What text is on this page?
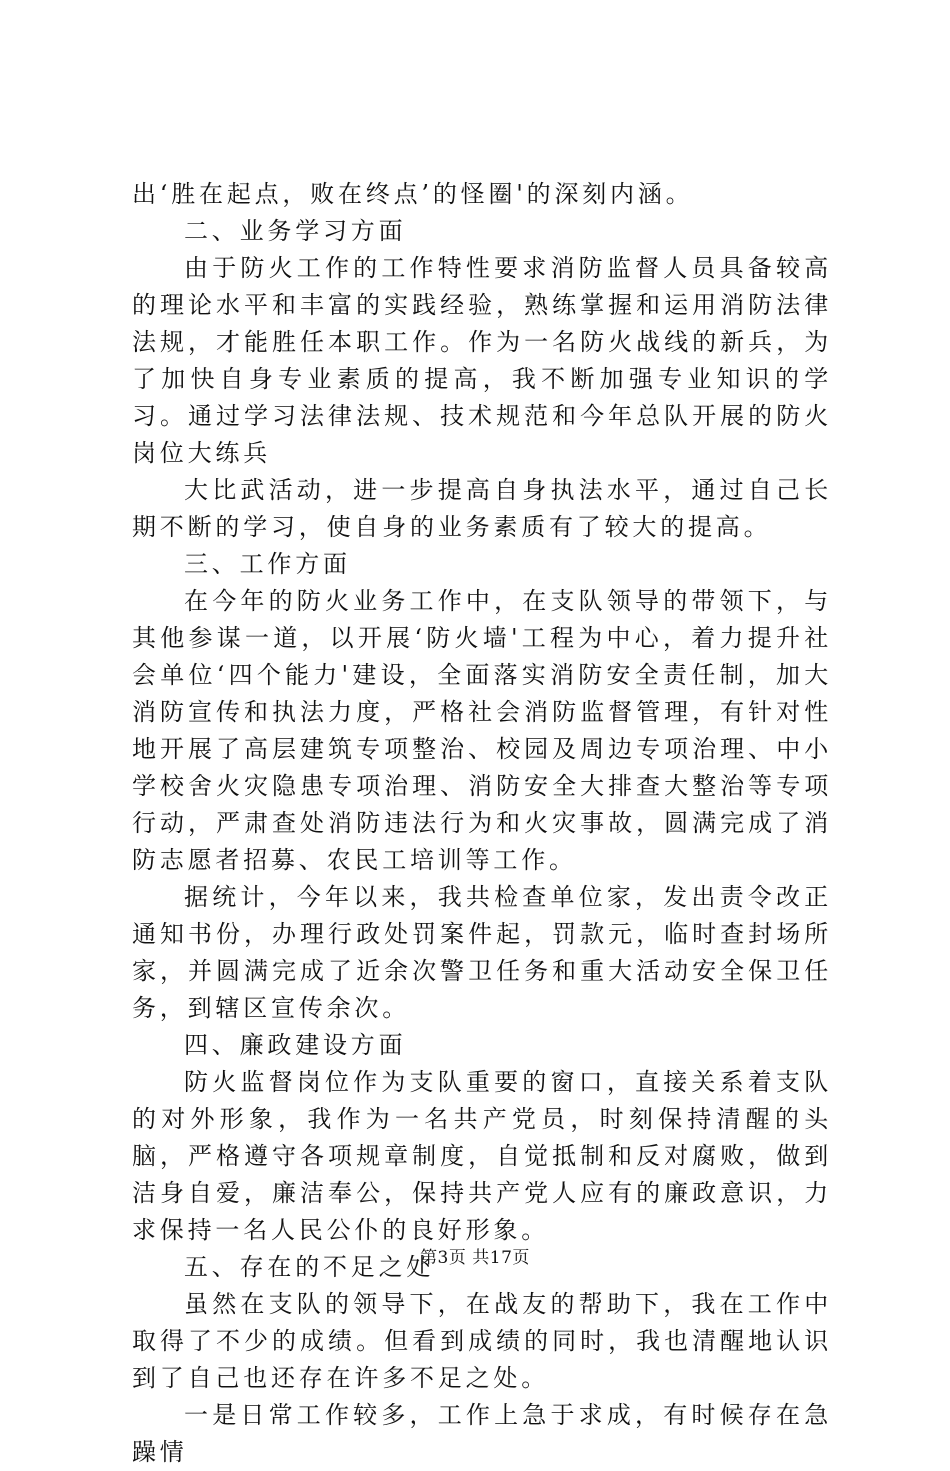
出‘胜在起点，败在终点’的怪圈'的深刻内涵。

二、业务学习方面

由于防火工作的工作特性要求消防监督人员具备较高的理论水平和丰富的实践经验，熟练掌握和运用消防法律法规，才能胜任本职工作。作为一名防火战线的新兵，为了加快自身专业素质的提高，我不断加强专业知识的学习。通过学习法律法规、技术规范和今年总队开展的防火岗位大练兵

大比武活动，进一步提高自身执法水平，通过自己长期不断的学习，使自身的业务素质有了较大的提高。

三、工作方面

在今年的防火业务工作中，在支队领导的带领下，与其他参谋一道，以开展‘防火墙'工程为中心，着力提升社会单位‘四个能力'建设，全面落实消防安全责任制，加大消防宣传和执法力度，严格社会消防监督管理，有针对性地开展了高层建筑专项整治、校园及周边专项治理、中小学校舍火灾隐患专项治理、消防安全大排查大整治等专项行动，严肃查处消防违法行为和火灾事故，圆满完成了消防志愿者招募、农民工培训等工作。

据统计，今年以来，我共检查单位家，发出责令改正通知书份，办理行政处罚案件起，罚款元，临时查封场所家，并圆满完成了近余次警卫任务和重大活动安全保卫任务，到辖区宣传余次。

四、廉政建设方面

防火监督岗位作为支队重要的窗口，直接关系着支队的对外形象，我作为一名共产党员，时刻保持清醒的头脑，严格遵守各项规章制度，自觉抵制和反对腐败，做到洁身自爱，廉洁奉公，保持共产党人应有的廉政意识，力求保持一名人民公仆的良好形象。

五、存在的不足之处

虽然在支队的领导下，在战友的帮助下，我在工作中取得了不少的成绩。但看到成绩的同时，我也清醒地认识到了自己也还存在许多不足之处。

一是日常工作较多，工作上急于求成，有时候存在急躁情

第3页 共17页
